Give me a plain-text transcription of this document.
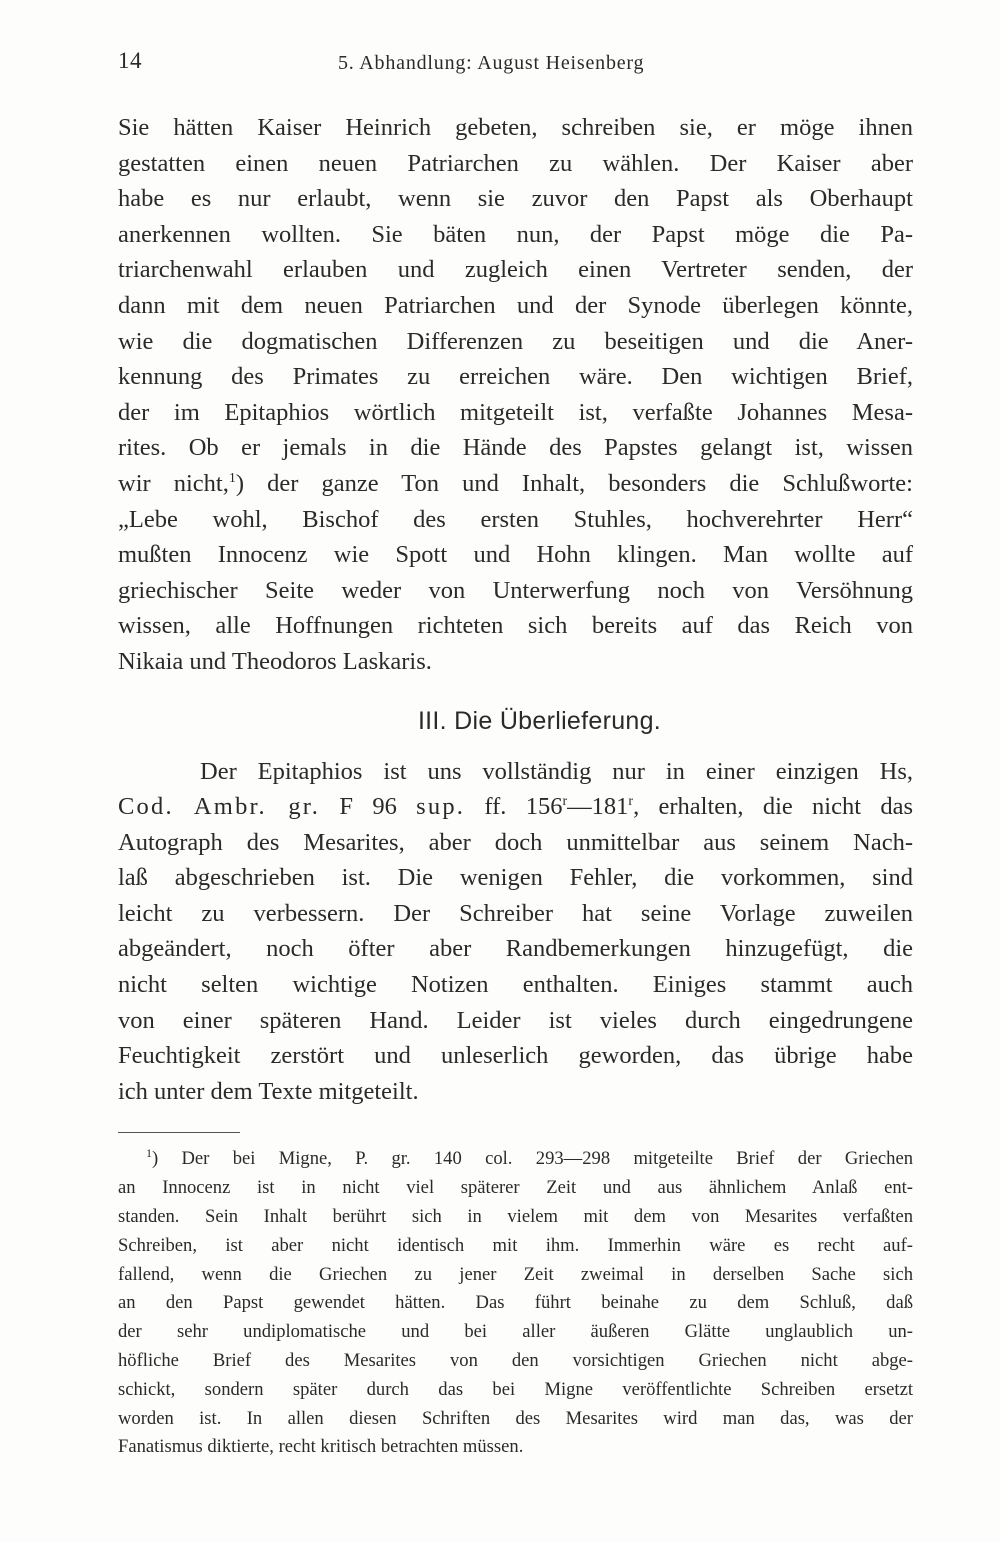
14	5. Abhandlung: August Heisenberg
Sie hätten Kaiser Heinrich gebeten, schreiben sie, er möge ihnen
gestatten einen neuen Patriarchen zu wählen. Der Kaiser aber
habe es nur erlaubt, wenn sie zuvor den Papst als Oberhaupt
anerkennen wollten. Sie bäten nun, der Papst möge die Pa-
triarchenwahl erlauben und zugleich einen Vertreter senden, der
dann mit dem neuen Patriarchen und der Synode überlegen könnte,
wie die dogmatischen Differenzen zu beseitigen und die Aner-
kennung des Primates zu erreichen wäre. Den wichtigen Brief,
der im Epitaphios wörtlich mitgeteilt ist, verfaßte Johannes Mesa-
rites. Ob er jemals in die Hände des Papstes gelangt ist, wissen
wir nicht,$^1$) der ganze Ton und Inhalt, besonders die Schlußworte:
„Lebe wohl, Bischof des ersten Stuhles, hochverehrter Herr“
mußten Innocenz wie Spott und Hohn klingen. Man wollte auf
griechischer Seite weder von Unterwerfung noch von Versöhnung
wissen, alle Hoffnungen richteten sich bereits auf das Reich von
Nikaia und Theodoros Laskaris.
III. Die Überlieferung.
Der Epitaphios ist uns vollständig nur in einer einzigen Hs,
Cod. Ambr. gr. F 96 sup. ff. 156$^r$—181$^r$, erhalten, die nicht das
Autograph des Mesarites, aber doch unmittelbar aus seinem Nach-
laß abgeschrieben ist. Die wenigen Fehler, die vorkommen, sind
leicht zu verbessern. Der Schreiber hat seine Vorlage zuweilen
abgeändert, noch öfter aber Randbemerkungen hinzugefügt, die
nicht selten wichtige Notizen enthalten. Einiges stammt auch
von einer späteren Hand. Leider ist vieles durch eingedrungene
Feuchtigkeit zerstört und unleserlich geworden, das übrige habe
ich unter dem Texte mitgeteilt.
$^1$) Der bei Migne, P. gr. 140 col. 293—298 mitgeteilte Brief der Griechen
an Innocenz ist in nicht viel späterer Zeit und aus ähnlichem Anlaß ent-
standen. Sein Inhalt berührt sich in vielem mit dem von Mesarites verfaßten
Schreiben, ist aber nicht identisch mit ihm. Immerhin wäre es recht auf-
fallend, wenn die Griechen zu jener Zeit zweimal in derselben Sache sich
an den Papst gewendet hätten. Das führt beinahe zu dem Schluß, daß
der sehr undiplomatische und bei aller äußeren Glätte unglaublich un-
höfliche Brief des Mesarites von den vorsichtigen Griechen nicht abge-
schickt, sondern später durch das bei Migne veröffentlichte Schreiben ersetzt
worden ist. In allen diesen Schriften des Mesarites wird man das, was der
Fanatismus diktierte, recht kritisch betrachten müssen.
